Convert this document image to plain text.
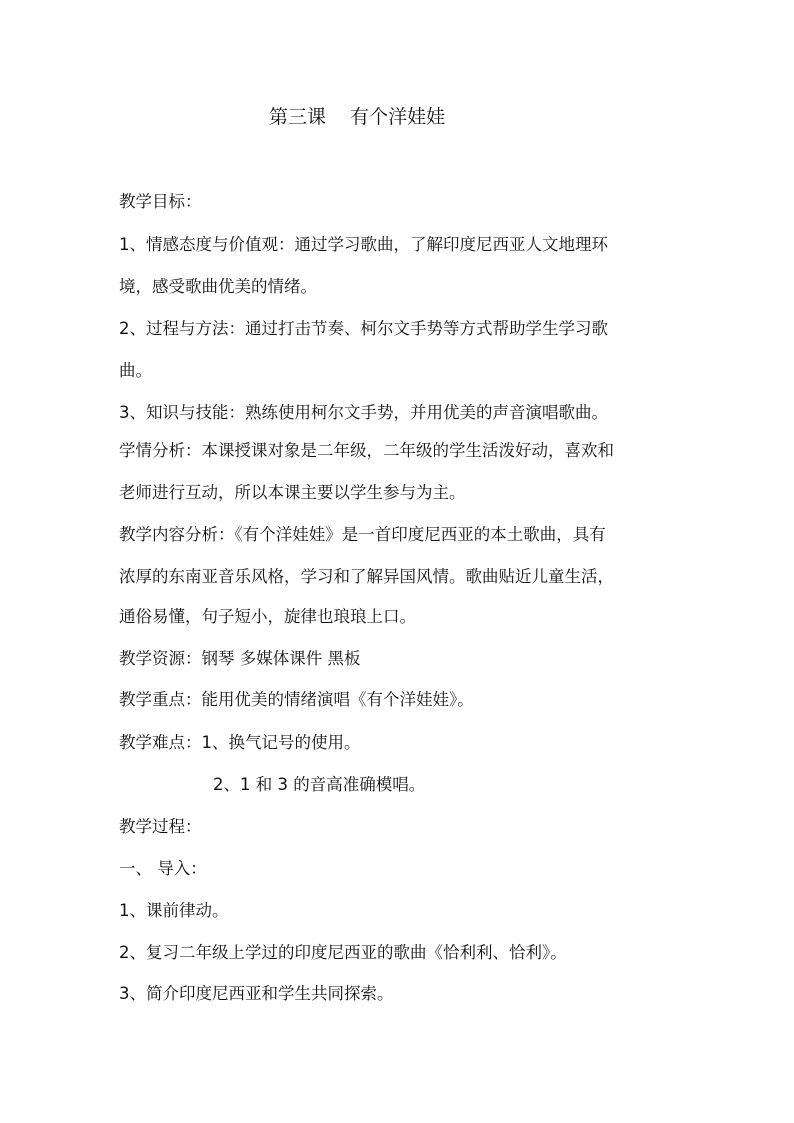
第三课    有个洋娃娃
教学目标：
1、情感态度与价值观：通过学习歌曲，了解印度尼西亚人文地理环
境，感受歌曲优美的情绪。
2、过程与方法：通过打击节奏、柯尔文手势等方式帮助学生学习歌
曲。
3、知识与技能：熟练使用柯尔文手势，并用优美的声音演唱歌曲。
学情分析：本课授课对象是二年级，二年级的学生活泼好动，喜欢和
老师进行互动，所以本课主要以学生参与为主。
教学内容分析：《有个洋娃娃》是一首印度尼西亚的本土歌曲，具有
浓厚的东南亚音乐风格，学习和了解异国风情。歌曲贴近儿童生活，
通俗易懂，句子短小，旋律也琅琅上口。
教学资源：钢琴 多媒体课件 黑板
教学重点：能用优美的情绪演唱《有个洋娃娃》。
教学难点：1、换气记号的使用。
2、1 和 3 的音高准确模唱。
教学过程：
一、 导入：
1、课前律动。
2、复习二年级上学过的印度尼西亚的歌曲《恰利利、恰利》。
3、简介印度尼西亚和学生共同探索。
